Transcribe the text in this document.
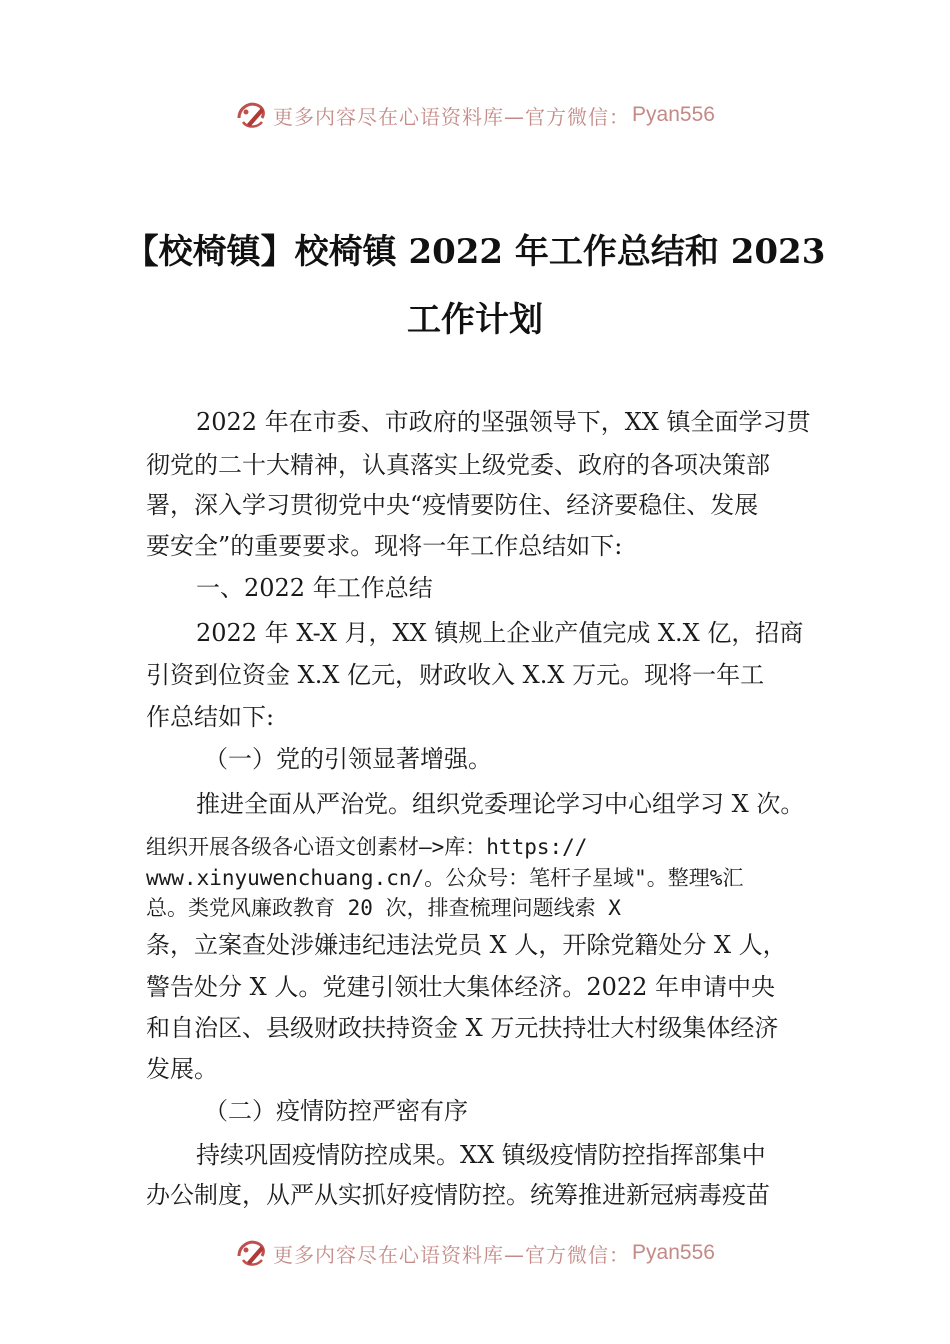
更多内容尽在心语资料库—官方微信： Pyan556
【校椅镇】校椅镇 2022 年工作总结和 2023
工作计划
2022 年在市委、市政府的坚强领导下，XX 镇全面学习贯
彻党的二十大精神，认真落实上级党委、政府的各项决策部
署，深入学习贯彻党中央“疫情要防住、经济要稳住、发展
要安全”的重要要求。现将一年工作总结如下:
一、2022 年工作总结
2022 年 X-X 月，XX 镇规上企业产值完成 X.X 亿，招商
引资到位资金 X.X 亿元，财政收入 X.X 万元。现将一年工
作总结如下:
（一）党的引领显著增强。
推进全面从严治党。组织党委理论学习中心组学习 X 次。
组织开展各级各心语文创素材—>库：https://
www.xinyuwenchuang.cn/。公众号：笔杆子星域"。整理%汇
总。类党风廉政教育 20 次，排查梳理问题线索 X
条，立案查处涉嫌违纪违法党员 X 人，开除党籍处分 X 人，
警告处分 X 人。党建引领壮大集体经济。2022 年申请中央
和自治区、县级财政扶持资金 X 万元扶持壮大村级集体经济
发展。
（二）疫情防控严密有序
持续巩固疫情防控成果。XX 镇级疫情防控指挥部集中
办公制度，从严从实抓好疫情防控。统筹推进新冠病毒疫苗
更多内容尽在心语资料库—官方微信： Pyan556
